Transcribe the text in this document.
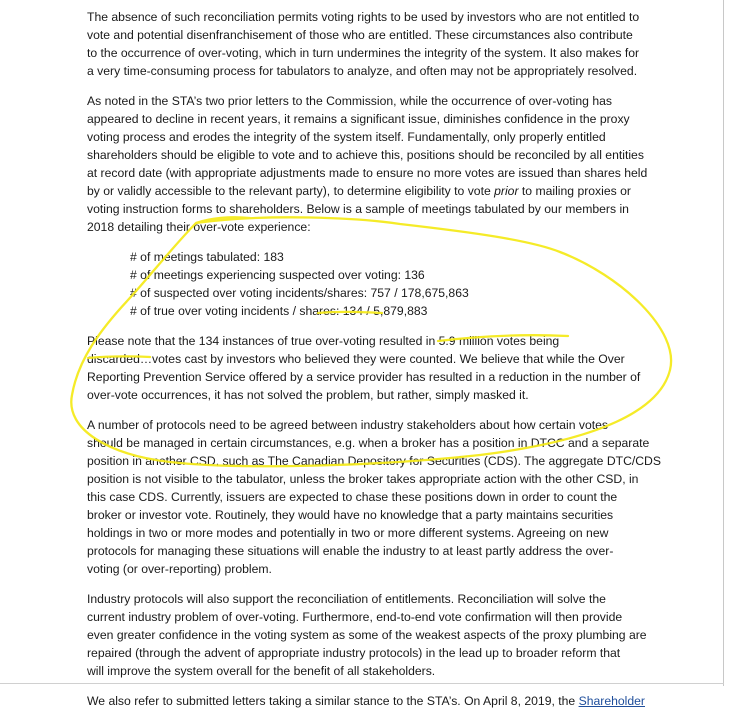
The absence of such reconciliation permits voting rights to be used by investors who are not entitled to
vote and potential disenfranchisement of those who are entitled. These circumstances also contribute
to the occurrence of over-voting, which in turn undermines the integrity of the system. It also makes for
a very time-consuming process for tabulators to analyze, and often may not be appropriately resolved.
As noted in the STA’s two prior letters to the Commission, while the occurrence of over-voting has
appeared to decline in recent years, it remains a significant issue, diminishes confidence in the proxy
voting process and erodes the integrity of the system itself. Fundamentally, only properly entitled
shareholders should be eligible to vote and to achieve this, positions should be reconciled by all entities
at record date (with appropriate adjustments made to ensure no more votes are issued than shares held
by or validly accessible to the relevant party), to determine eligibility to vote prior to mailing proxies or
voting instruction forms to shareholders. Below is a sample of meetings tabulated by our members in
2018 detailing their over-vote experience:
# of meetings tabulated: 183
# of meetings experiencing suspected over voting: 136
# of suspected over voting incidents/shares: 757 / 178,675,863
# of true over voting incidents / shares: 134 / 5,879,883
Please note that the 134 instances of true over-voting resulted in 5.9 million votes being
discarded…votes cast by investors who believed they were counted. We believe that while the Over
Reporting Prevention Service offered by a service provider has resulted in a reduction in the number of
over-vote occurrences, it has not solved the problem, but rather, simply masked it.
A number of protocols need to be agreed between industry stakeholders about how certain votes
should be managed in certain circumstances, e.g. when a broker has a position in DTCC and a separate
position in another CSD, such as The Canadian Depository for Securities (CDS). The aggregate DTC/CDS
position is not visible to the tabulator, unless the broker takes appropriate action with the other CSD, in
this case CDS. Currently, issuers are expected to chase these positions down in order to count the
broker or investor vote. Routinely, they would have no knowledge that a party maintains securities
holdings in two or more modes and potentially in two or more different systems. Agreeing on new
protocols for managing these situations will enable the industry to at least partly address the over-
voting (or over-reporting) problem.
Industry protocols will also support the reconciliation of entitlements. Reconciliation will solve the
current industry problem of over-voting. Furthermore, end-to-end vote confirmation will then provide
even greater confidence in the voting system as some of the weakest aspects of the proxy plumbing are
repaired (through the advent of appropriate industry protocols) in the lead up to broader reform that
will improve the system overall for the benefit of all stakeholders.
We also refer to submitted letters taking a similar stance to the STA’s. On April 8, 2019, the Shareholder
